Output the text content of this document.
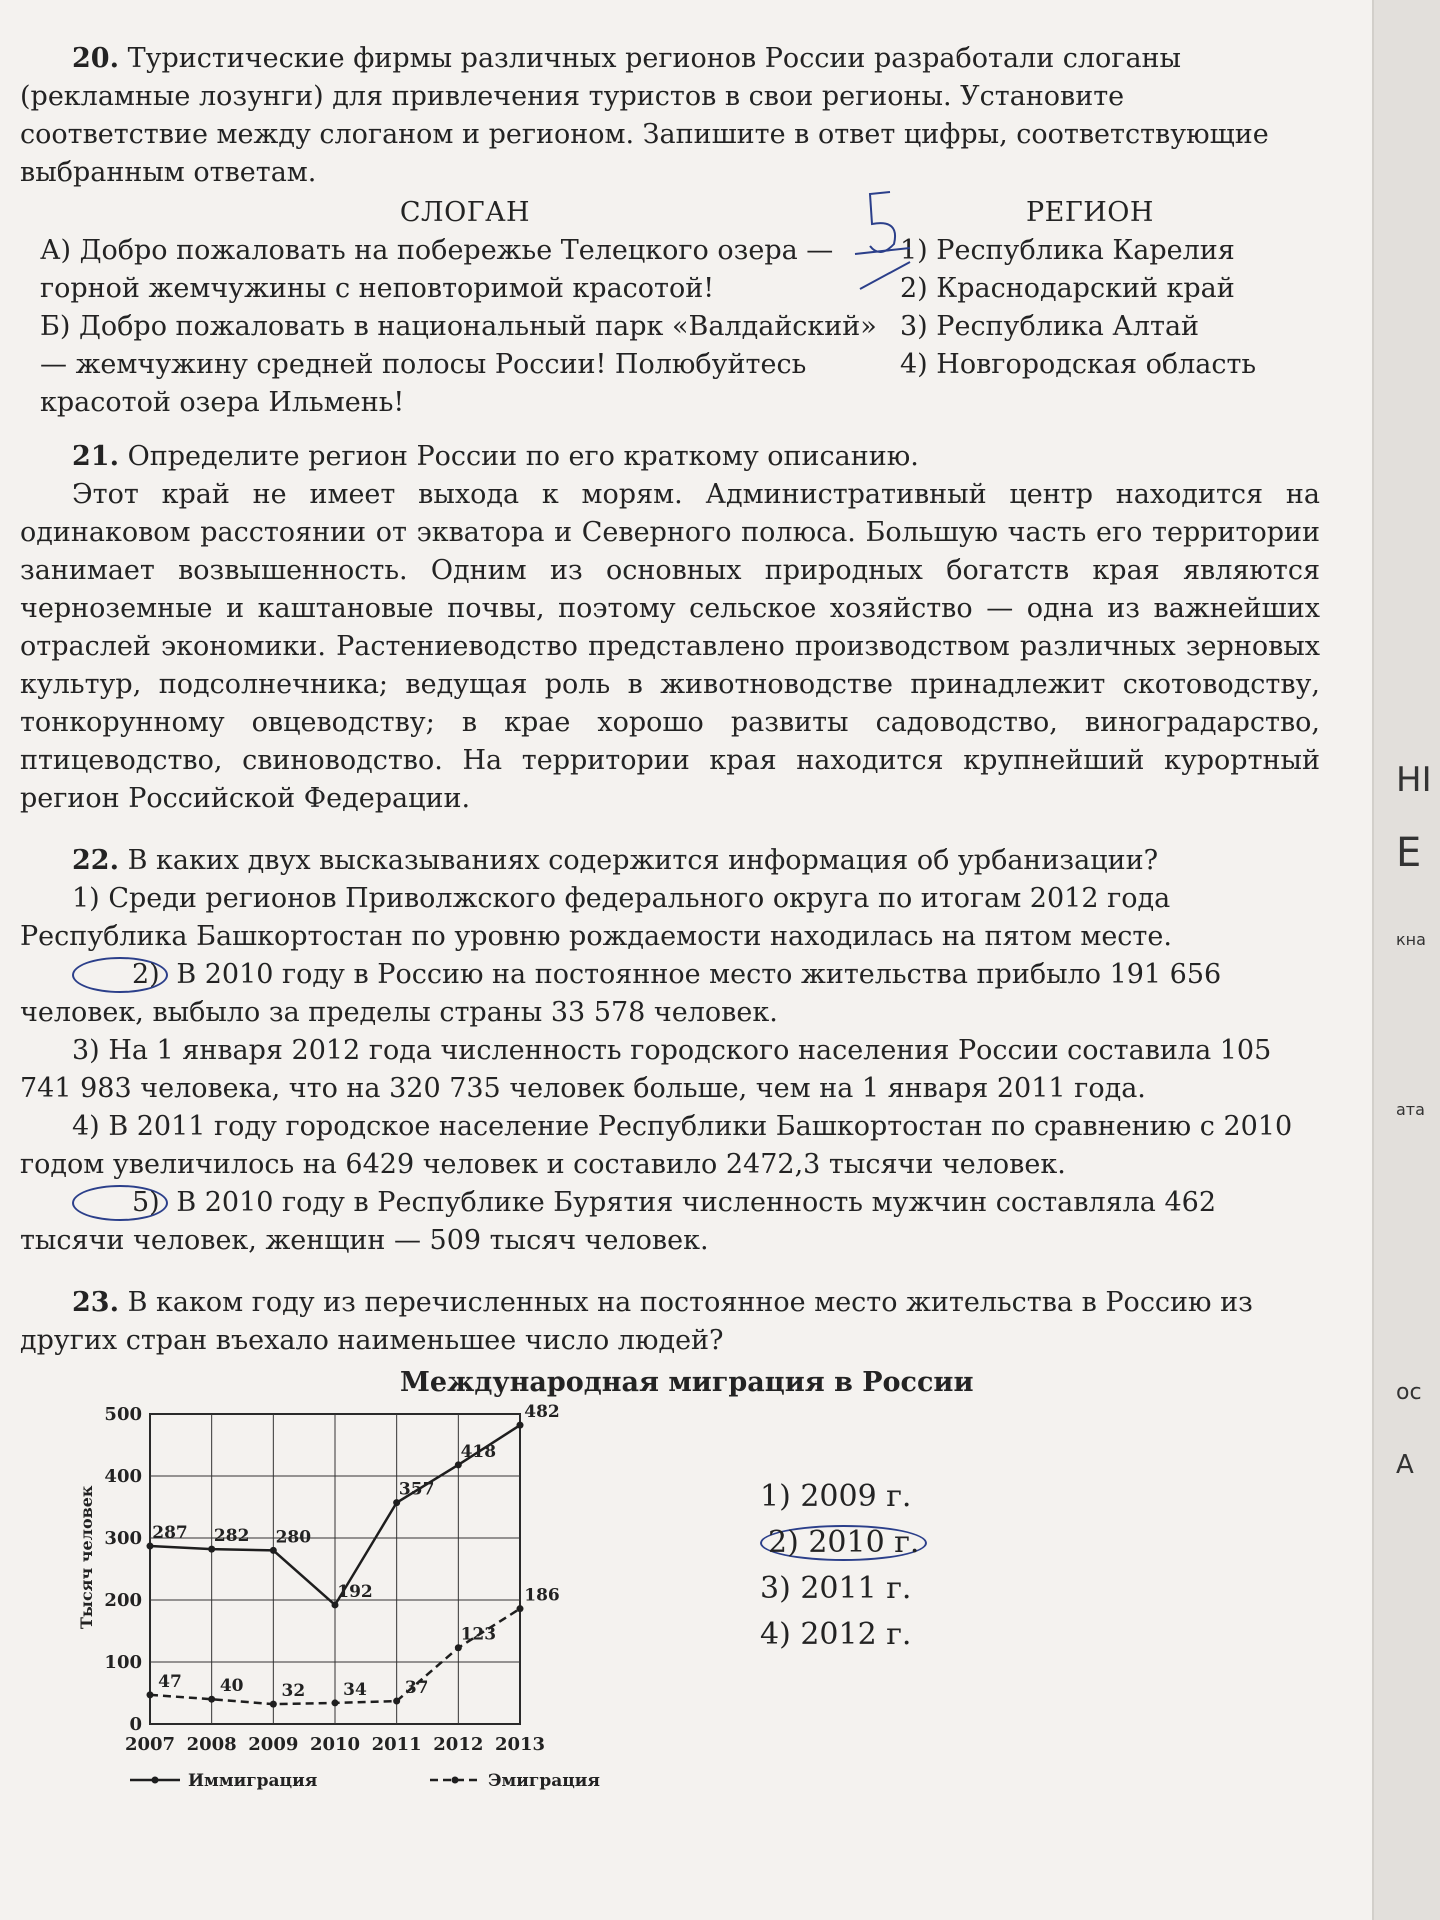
НІ
Е
кна
ата
ос
А

20. Туристические фирмы различных регионов России разработали слоганы (рекламные лозунги) для привлечения туристов в свои регионы. Установите соответствие между слоганом и регионом. Запишите в ответ цифры, соответствующие выбранным ответам.

СЛОГАН

А) Добро пожаловать на побережье Телецкого озера — горной жемчужины с неповторимой красотой!

Б) Добро пожаловать в национальный парк «Валдайский» — жемчужину средней полосы России! Полюбуйтесь красотой озера Ильмень!

РЕГИОН

1) Республика Карелия

2) Краснодарский край

3) Республика Алтай

4) Новгородская область

21. Определите регион России по его краткому описанию.

Этот край не имеет выхода к морям. Административный центр находится на одинаковом расстоянии от экватора и Северного полюса. Большую часть его территории занимает возвышенность. Одним из основных природных богатств края являются черноземные и каштановые почвы, поэтому сельское хозяйство — одна из важнейших отраслей экономики. Растениеводство представлено производством различных зерновых культур, подсолнечника; ведущая роль в животноводстве принадлежит скотоводству, тонкорунному овцеводству; в крае хорошо развиты садоводство, виноградарство, птицеводство, свиноводство. На территории края находится крупнейший курортный регион Российской Федерации.

22. В каких двух высказываниях содержится информация об урбанизации?

1) Среди регионов Приволжского федерального округа по итогам 2012 года Республика Башкортостан по уровню рождаемости находилась на пятом месте.

2) В 2010 году в Россию на постоянное место жительства прибыло 191 656 человек, выбыло за пределы страны 33 578 человек.

3) На 1 января 2012 года численность городского населения России составила 105 741 983 человека, что на 320 735 человек больше, чем на 1 января 2011 года.

4) В 2011 году городское население Республики Башкортостан по сравнению с 2010 годом увеличилось на 6429 человек и составило 2472,3 тысячи человек.

5) В 2010 году в Республике Бурятия численность мужчин составляла 462 тысячи человек, женщин — 509 тысяч человек.

23. В каком году из перечисленных на постоянное место жительства в Россию из других стран въехало наименьшее число людей?

Международная миграция в России
0
100
200
300
400
500
2007 2008 2009 2010 2011 2012 2013
Тысяч человек	287 282 280
192
357
418
482
47 40 32 34 37
123
186
Иммиграция	Эмиграция

1) 2009 г.

2) 2010 г.

3) 2011 г.

4) 2012 г.
